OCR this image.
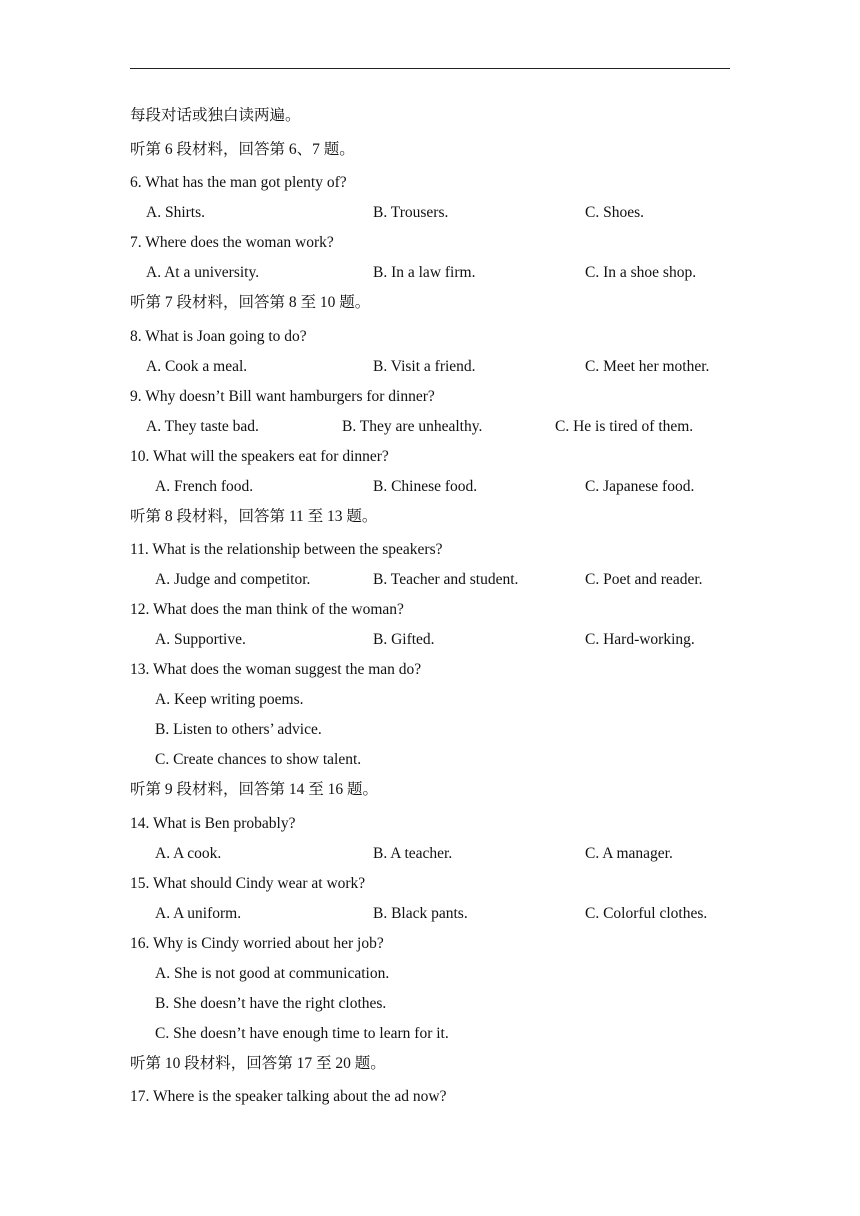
每段对话或独白读两遍。
听第 6 段材料，回答第 6、7 题。
6. What has the man got plenty of?
A. Shirts.	B. Trousers.	C. Shoes.
7. Where does the woman work?
A. At a university.	B. In a law firm.	C. In a shoe shop.
听第 7 段材料，回答第 8 至 10 题。
8. What is Joan going to do?
A. Cook a meal.	B. Visit a friend.	C. Meet her mother.
9. Why doesn’t Bill want hamburgers for dinner?
A. They taste bad.	B. They are unhealthy.	C. He is tired of them.
10. What will the speakers eat for dinner?
A. French food.	B. Chinese food.	C. Japanese food.
听第 8 段材料，回答第 11 至 13 题。
11. What is the relationship between the speakers?
A. Judge and competitor.	B. Teacher and student.	C. Poet and reader.
12. What does the man think of the woman?
A. Supportive.	B. Gifted.	C. Hard-working.
13. What does the woman suggest the man do?
A. Keep writing poems.
B. Listen to others’ advice.
C. Create chances to show talent.
听第 9 段材料，回答第 14 至 16 题。
14. What is Ben probably?
A. A cook.	B. A teacher.	C. A manager.
15. What should Cindy wear at work?
A. A uniform.	B. Black pants.	C. Colorful clothes.
16. Why is Cindy worried about her job?
A. She is not good at communication.
B. She doesn’t have the right clothes.
C. She doesn’t have enough time to learn for it.
听第 10 段材料，回答第 17 至 20 题。
17. Where is the speaker talking about the ad now?
